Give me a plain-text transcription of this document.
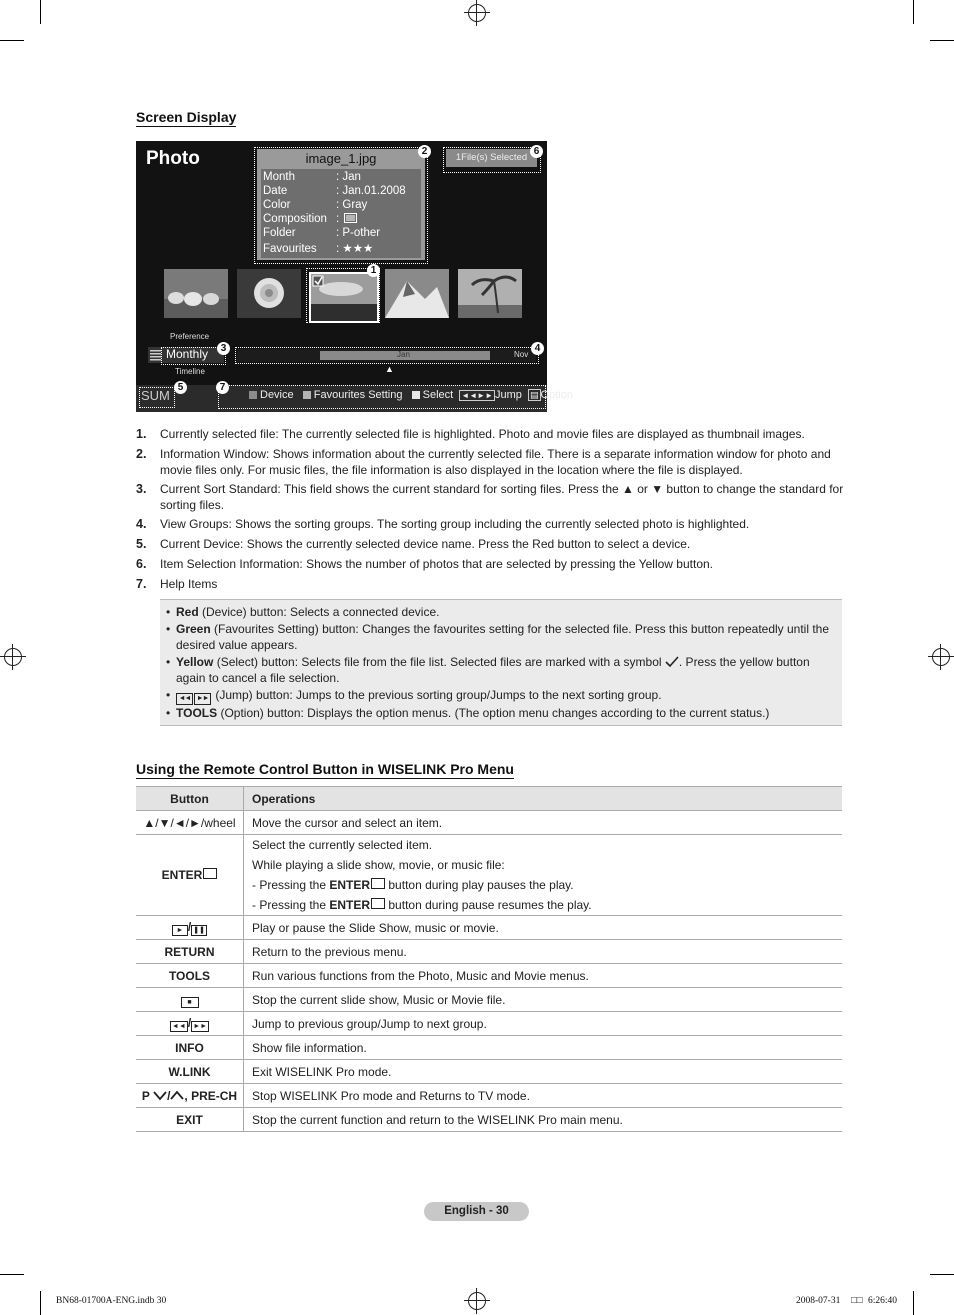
Screen Display
Photo	image_1.jpg
Month	: Jan
Date	: Jan.01.2008
Color	: Gray
Composition :
Folder	: P-other
Favourites : ★★★
2
1File(s) Selected
6
1
Preference
Monthly	3
Timeline
Jan	Nov
4
▲
SUM
5	7
Device Favourites Setting Select ◄◄►► Jump ▤ Option
1. Currently selected file: The currently selected file is highlighted. Photo and movie files are displayed as thumbnail images.
2. Information Window: Shows information about the currently selected file. There is a separate information window for photo and movie files only. For music files, the file information is also displayed in the location where the file is displayed.
3. Current Sort Standard: This field shows the current standard for sorting files. Press the ▲ or ▼ button to change the standard for sorting files.
4. View Groups: Shows the sorting groups. The sorting group including the currently selected photo is highlighted.
5. Current Device: Shows the currently selected device name. Press the Red button to select a device.
6. Item Selection Information: Shows the number of photos that are selected by pressing the Yellow button.
7. Help Items
• Red (Device) button: Selects a connected device.
• Green (Favourites Setting) button: Changes the favourites setting for the selected file. Press this button repeatedly until the desired value appears.
• Yellow (Select) button: Selects file from the file list. Selected files are marked with a symbol . Press the yellow button again to cancel a file selection.
•	◄◄ ►► (Jump) button: Jumps to the previous sorting group/Jumps to the next sorting group.
• TOOLS (Option) button: Displays the option menus. (The option menu changes according to the current status.)
Using the Remote Control Button in WISELINK Pro Menu
Button	Operations
▲/▼/◄/►/wheel	Move the cursor and select an item.
ENTER	Select the currently selected item.
While playing a slide show, movie, or music file:
- Pressing the ENTER button during play pauses the play.
- Pressing the ENTER button during pause resumes the play.

► / ❚❚	Play or pause the Slide Show, music or movie.
RETURN	Return to the previous menu.
TOOLS	Run various functions from the Photo, Music and Movie menus.
■	Stop the current slide show, Music or Movie file.
◄◄ / ►►	Jump to previous group/Jump to next group.
INFO	Show file information.
W.LINK	Exit WISELINK Pro mode.
P / , PRE-CH	Stop WISELINK Pro mode and Returns to TV mode.
EXIT	Stop the current function and return to the WISELINK Pro main menu.
English - 30
BN68-01700A-ENG.indb 30	2008-07-31 □□ 6:26:40
